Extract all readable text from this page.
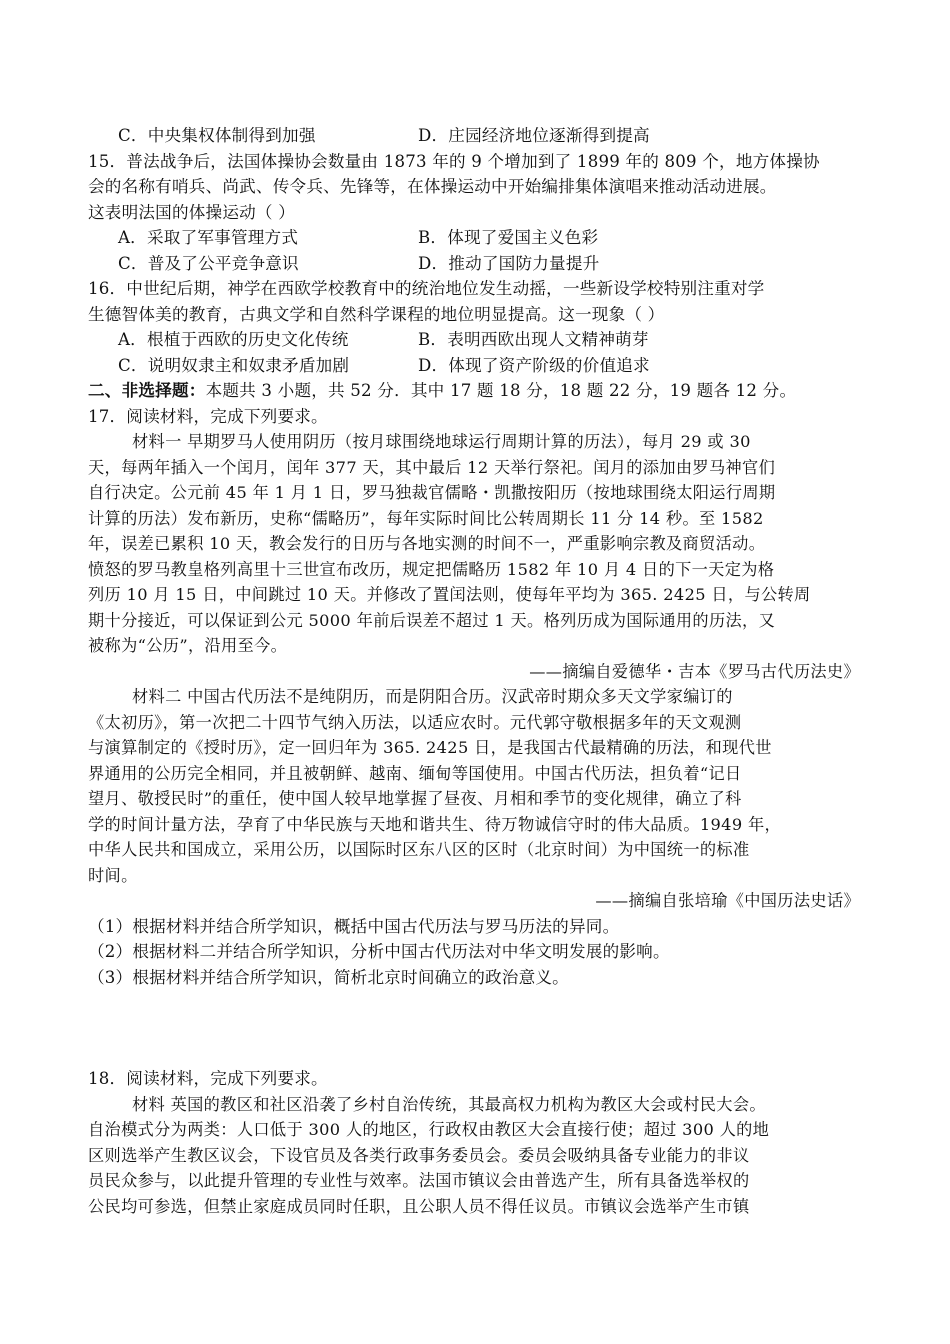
C．中央集权体制得到加强	D．庄园经济地位逐渐得到提高
15．普法战争后，法国体操协会数量由 1873 年的 9 个增加到了 1899 年的 809 个，地方体操协
会的名称有哨兵、尚武、传令兵、先锋等，在体操运动中开始编排集体演唱来推动活动进展。
这表明法国的体操运动（ ）
A．采取了军事管理方式	B．体现了爱国主义色彩
C．普及了公平竞争意识	D．推动了国防力量提升
16．中世纪后期，神学在西欧学校教育中的统治地位发生动摇，一些新设学校特别注重对学
生德智体美的教育，古典文学和自然科学课程的地位明显提高。这一现象（ ）
A．根植于西欧的历史文化传统	B．表明西欧出现人文精神萌芽
C．说明奴隶主和奴隶矛盾加剧	D．体现了资产阶级的价值追求
二、非选择题：本题共 3 小题，共 52 分．其中 17 题 18 分，18 题 22 分，19 题各 12 分。
17．阅读材料，完成下列要求。
材料一 早期罗马人使用阴历（按月球围绕地球运行周期计算的历法），每月 29 或 30
天，每两年插入一个闰月，闰年 377 天，其中最后 12 天举行祭祀。闰月的添加由罗马神官们
自行决定。公元前 45 年 1 月 1 日，罗马独裁官儒略・凯撒按阳历（按地球围绕太阳运行周期
计算的历法）发布新历，史称“儒略历”，每年实际时间比公转周期长 11 分 14 秒。至 1582
年，误差已累积 10 天，教会发行的日历与各地实测的时间不一，严重影响宗教及商贸活动。
愤怒的罗马教皇格列高里十三世宣布改历，规定把儒略历 1582 年 10 月 4 日的下一天定为格
列历 10 月 15 日，中间跳过 10 天。并修改了置闰法则，使每年平均为 365. 2425 日，与公转周
期十分接近，可以保证到公元 5000 年前后误差不超过 1 天。格列历成为国际通用的历法，又
被称为“公历”，沿用至今。
——摘编自爱德华・吉本《罗马古代历法史》
材料二 中国古代历法不是纯阴历，而是阴阳合历。汉武帝时期众多天文学家编订的
《太初历》，第一次把二十四节气纳入历法，以适应农时。元代郭守敬根据多年的天文观测
与演算制定的《授时历》，定一回归年为 365. 2425 日，是我国古代最精确的历法，和现代世
界通用的公历完全相同，并且被朝鲜、越南、缅甸等国使用。中国古代历法，担负着“记日
望月、敬授民时”的重任，使中国人较早地掌握了昼夜、月相和季节的变化规律，确立了科
学的时间计量方法，孕育了中华民族与天地和谐共生、待万物诚信守时的伟大品质。1949 年，
中华人民共和国成立，采用公历，以国际时区东八区的区时（北京时间）为中国统一的标准
时间。
——摘编自张培瑜《中国历法史话》
（1）根据材料并结合所学知识，概括中国古代历法与罗马历法的异同。
（2）根据材料二并结合所学知识，分析中国古代历法对中华文明发展的影响。
（3）根据材料并结合所学知识，简析北京时间确立的政治意义。
18．阅读材料，完成下列要求。
材料 英国的教区和社区沿袭了乡村自治传统，其最高权力机构为教区大会或村民大会。
自治模式分为两类：人口低于 300 人的地区，行政权由教区大会直接行使；超过 300 人的地
区则选举产生教区议会，下设官员及各类行政事务委员会。委员会吸纳具备专业能力的非议
员民众参与，以此提升管理的专业性与效率。法国市镇议会由普选产生，所有具备选举权的
公民均可参选，但禁止家庭成员同时任职，且公职人员不得任议员。市镇议会选举产生市镇
